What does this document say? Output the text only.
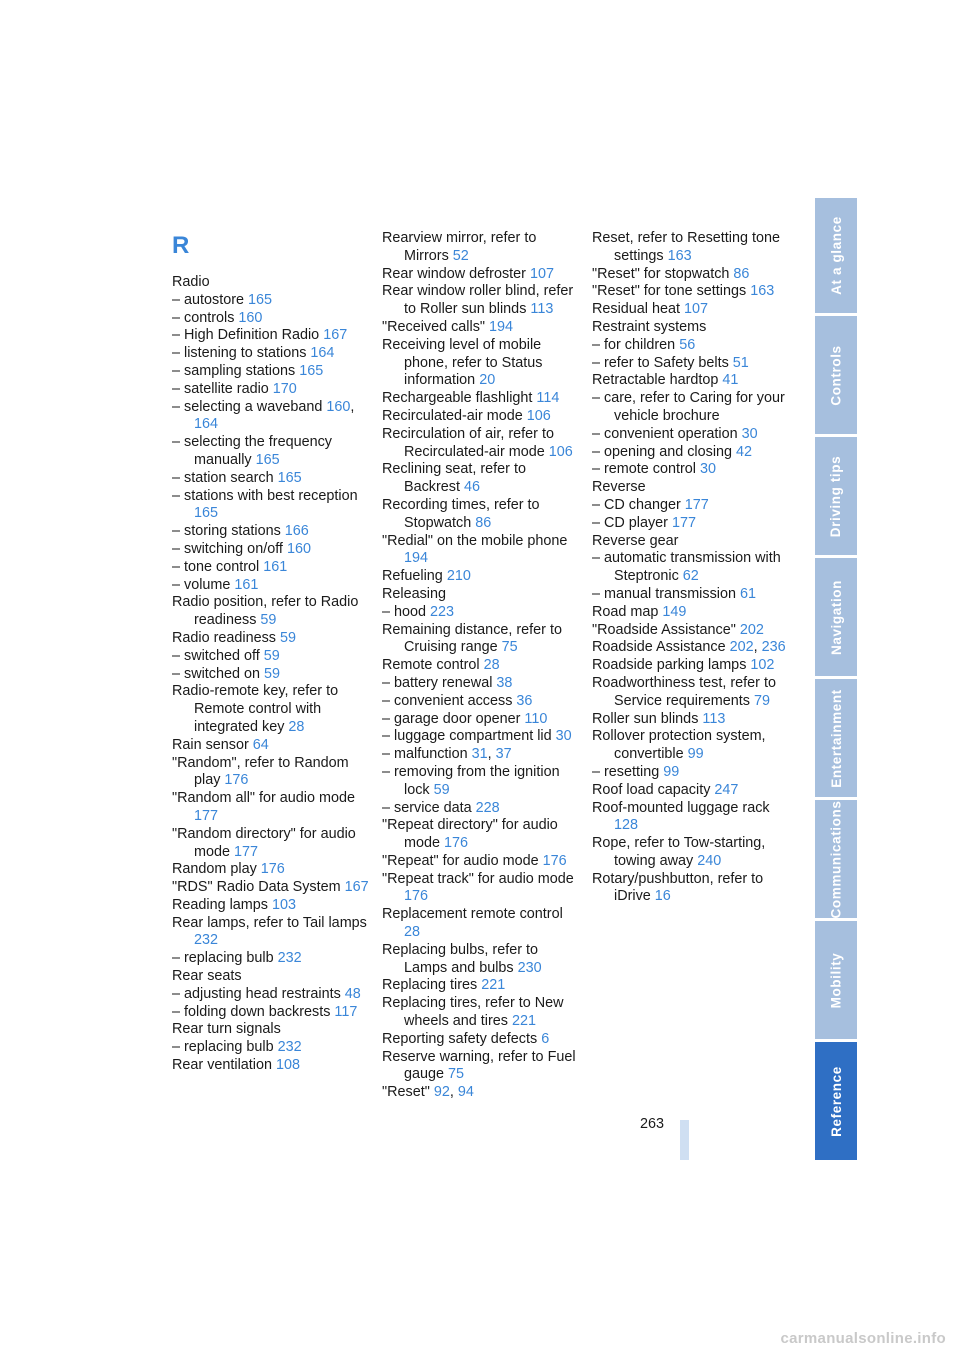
R
Radio
– autostore 165
– controls 160
– High Definition Radio 167
– listening to stations 164
– sampling stations 165
– satellite radio 170
– selecting a waveband 160, 164
– selecting the frequency manually 165
– station search 165
– stations with best reception 165
– storing stations 166
– switching on/off 160
– tone control 161
– volume 161
Radio position, refer to Radio readiness 59
Radio readiness 59
– switched off 59
– switched on 59
Radio-remote key, refer to Remote control with integrated key 28
Rain sensor 64
"Random", refer to Random play 176
"Random all" for audio mode 177
"Random directory" for audio mode 177
Random play 176
"RDS" Radio Data System 167
Reading lamps 103
Rear lamps, refer to Tail lamps 232
– replacing bulb 232
Rear seats
– adjusting head restraints 48
– folding down backrests 117
Rear turn signals
– replacing bulb 232
Rear ventilation 108
Rearview mirror, refer to Mirrors 52
Rear window defroster 107
Rear window roller blind, refer to Roller sun blinds 113
"Received calls" 194
Receiving level of mobile phone, refer to Status information 20
Rechargeable flashlight 114
Recirculated-air mode 106
Recirculation of air, refer to Recirculated-air mode 106
Reclining seat, refer to Backrest 46
Recording times, refer to Stopwatch 86
"Redial" on the mobile phone 194
Refueling 210
Releasing
– hood 223
Remaining distance, refer to Cruising range 75
Remote control 28
– battery renewal 38
– convenient access 36
– garage door opener 110
– luggage compartment lid 30
– malfunction 31, 37
– removing from the ignition lock 59
– service data 228
"Repeat directory" for audio mode 176
"Repeat" for audio mode 176
"Repeat track" for audio mode 176
Replacement remote control 28
Replacing bulbs, refer to Lamps and bulbs 230
Replacing tires 221
Replacing tires, refer to New wheels and tires 221
Reporting safety defects 6
Reserve warning, refer to Fuel gauge 75
"Reset" 92, 94
Reset, refer to Resetting tone settings 163
"Reset" for stopwatch 86
"Reset" for tone settings 163
Residual heat 107
Restraint systems
– for children 56
– refer to Safety belts 51
Retractable hardtop 41
– care, refer to Caring for your vehicle brochure
– convenient operation 30
– opening and closing 42
– remote control 30
Reverse
– CD changer 177
– CD player 177
Reverse gear
– automatic transmission with Steptronic 62
– manual transmission 61
Road map 149
"Roadside Assistance" 202
Roadside Assistance 202, 236
Roadside parking lamps 102
Roadworthiness test, refer to Service requirements 79
Roller sun blinds 113
Rollover protection system, convertible 99
– resetting 99
Roof load capacity 247
Roof-mounted luggage rack 128
Rope, refer to Tow-starting, towing away 240
Rotary/pushbutton, refer to iDrive 16
At a glance
Controls
Driving tips
Navigation
Entertainment
Communications
Mobility
Reference
263
carmanualsonline.info
